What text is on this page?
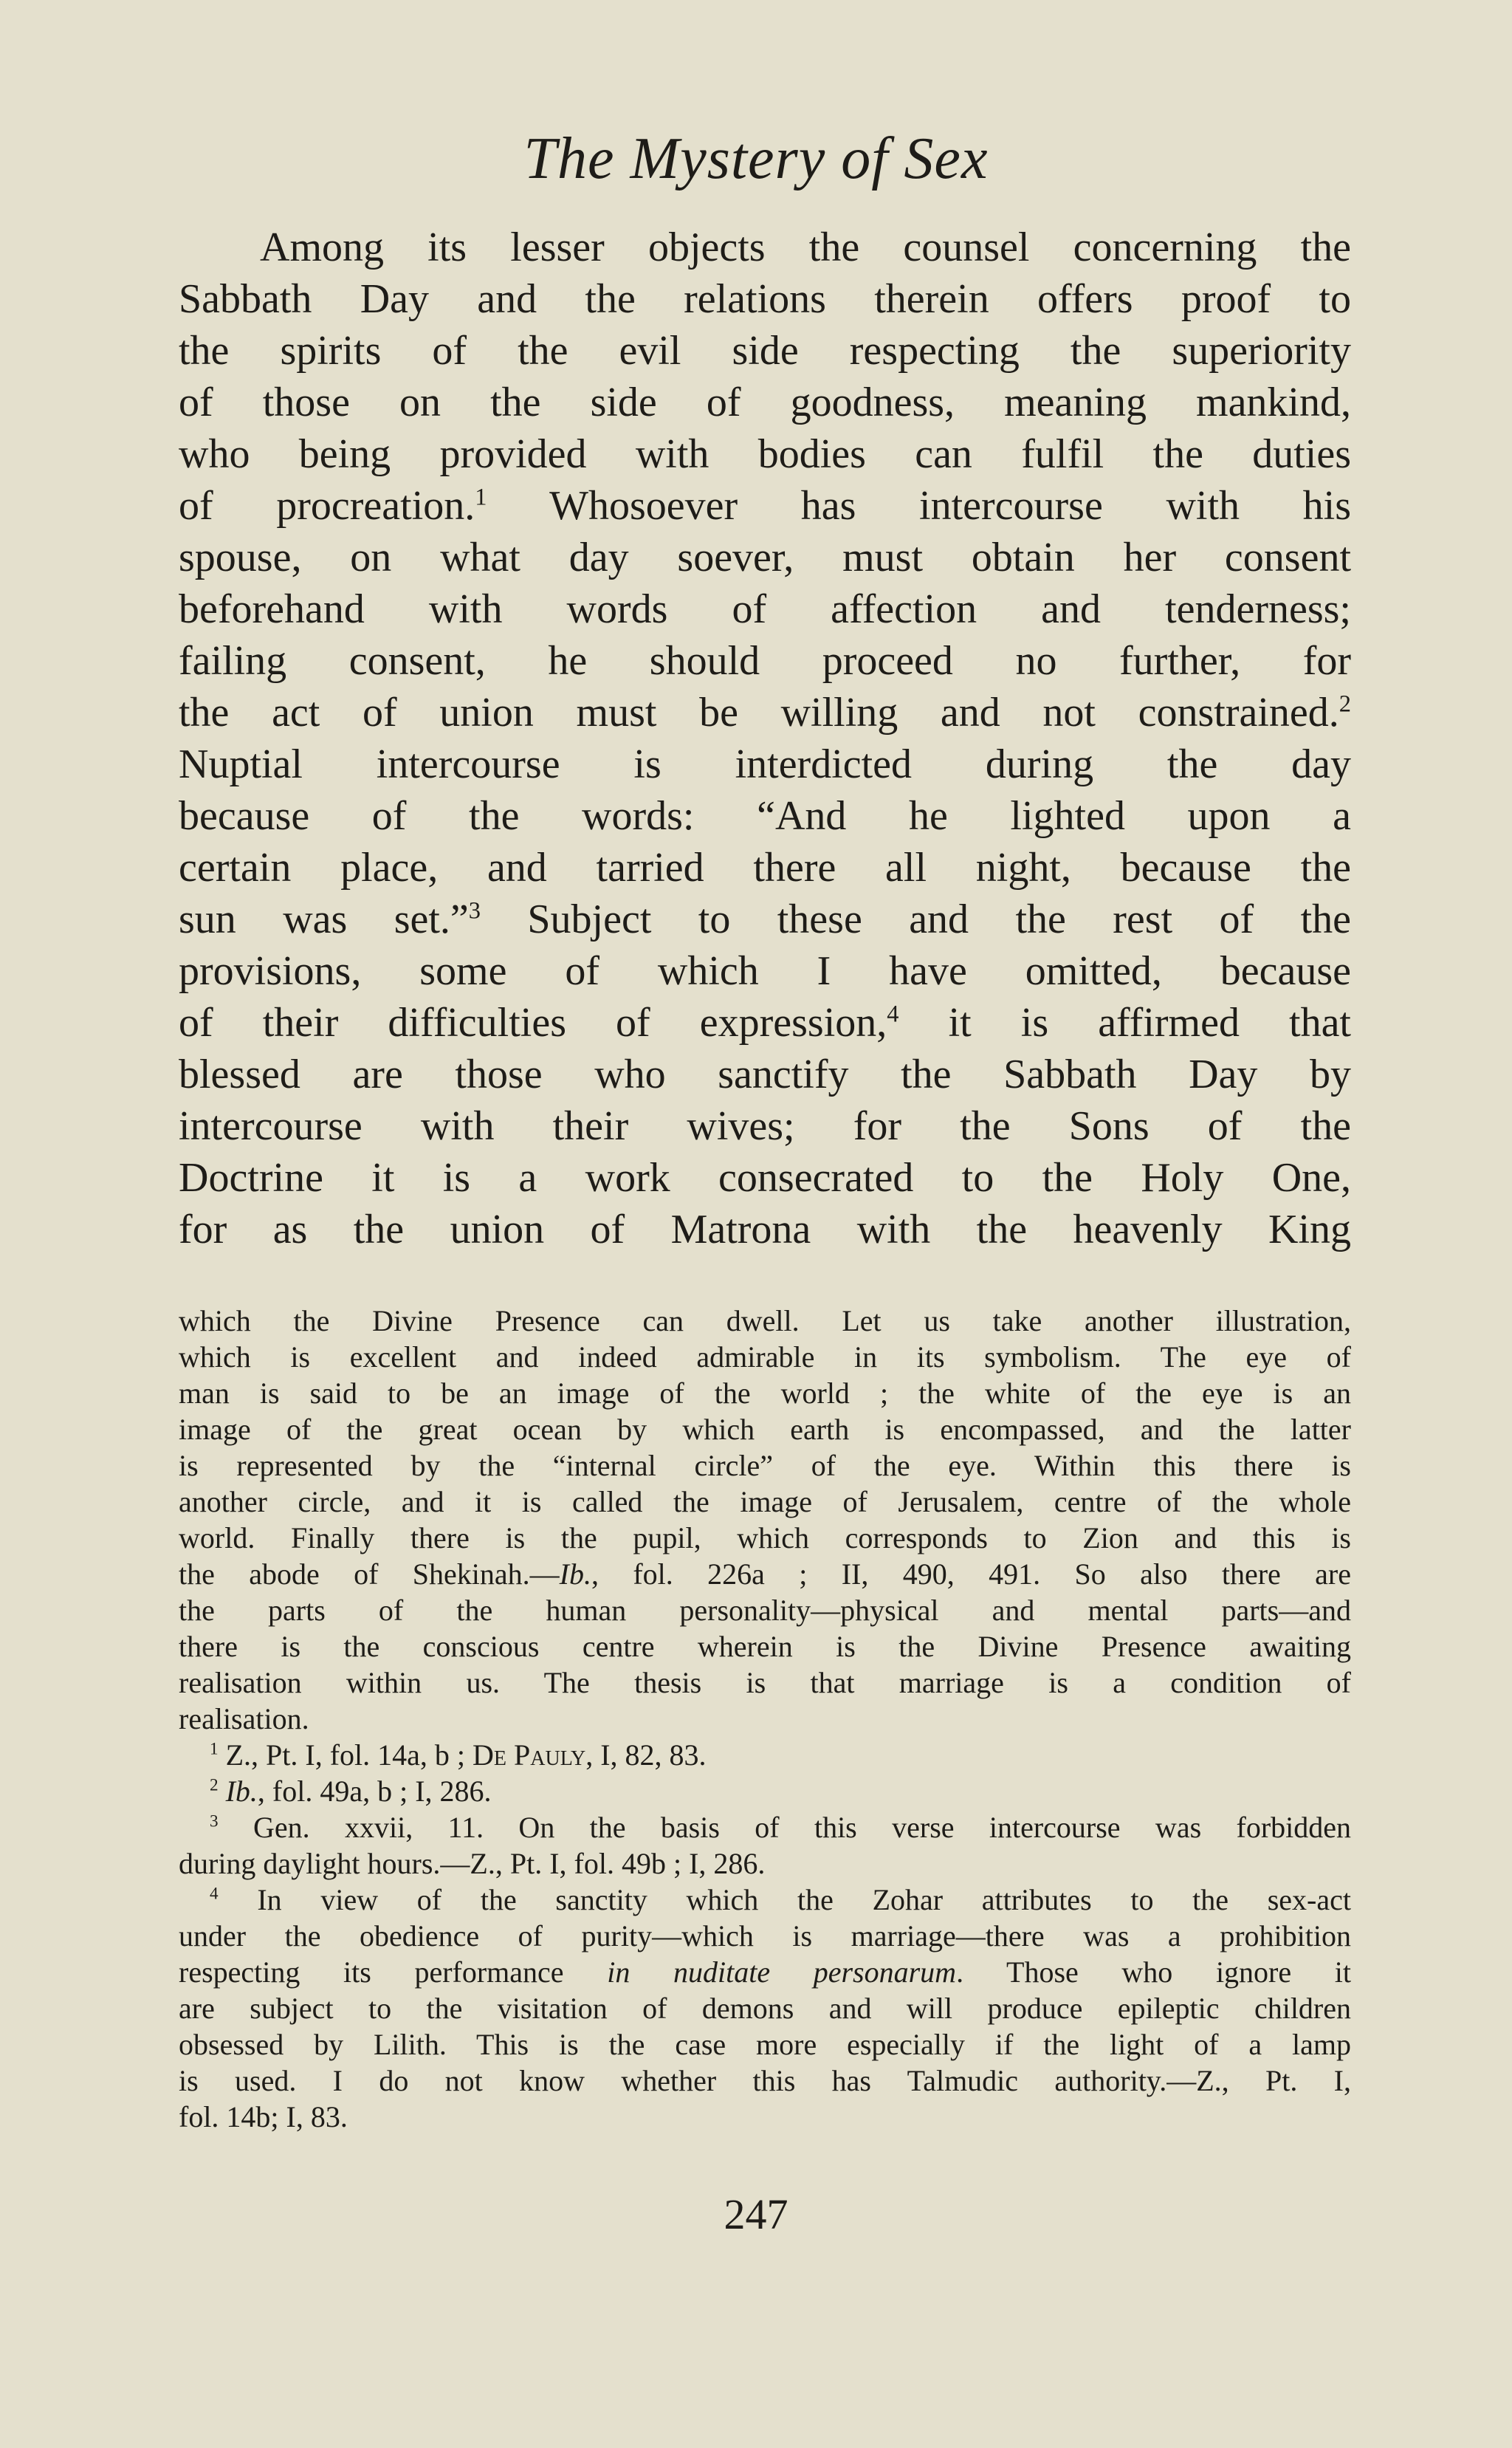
The Mystery of Sex
Among its lesser objects the counsel concerning the
Sabbath Day and the relations therein offers proof to
the spirits of the evil side respecting the superiority
of those on the side of goodness, meaning mankind,
who being provided with bodies can fulfil the duties
of procreation.$^1$ Whosoever has intercourse with his
spouse, on what day soever, must obtain her consent
beforehand with words of affection and tenderness;
failing consent, he should proceed no further, for
the act of union must be willing and not constrained.$^2$
Nuptial intercourse is interdicted during the day
because of the words: “And he lighted upon a
certain place, and tarried there all night, because the
sun was set.”$^3$ Subject to these and the rest of the
provisions, some of which I have omitted, because
of their difficulties of expression,$^4$ it is affirmed that
blessed are those who sanctify the Sabbath Day by
intercourse with their wives; for the Sons of the
Doctrine it is a work consecrated to the Holy One,
for as the union of Matrona with the heavenly King
which the Divine Presence can dwell. Let us take another illustration,
which is excellent and indeed admirable in its symbolism. The eye of
man is said to be an image of the world ; the white of the eye is an
image of the great ocean by which earth is encompassed, and the latter
is represented by the “internal circle” of the eye. Within this there is
another circle, and it is called the image of Jerusalem, centre of the whole
world. Finally there is the pupil, which corresponds to Zion and this is
the abode of Shekinah.—Ib., fol. 226a ; II, 490, 491. So also there are
the parts of the human personality—physical and mental parts—and
there is the conscious centre wherein is the Divine Presence awaiting
realisation within us. The thesis is that marriage is a condition of
realisation.
$^1$ Z., Pt. I, fol. 14a, b ; De Pauly, I, 82, 83.
$^2$ Ib., fol. 49a, b ; I, 286.
$^3$ Gen. xxvii, 11. On the basis of this verse intercourse was forbidden
during daylight hours.—Z., Pt. I, fol. 49b ; I, 286.
$^4$ In view of the sanctity which the Zohar attributes to the sex-act
under the obedience of purity—which is marriage—there was a prohibition
respecting its performance in nuditate personarum. Those who ignore it
are subject to the visitation of demons and will produce epileptic children
obsessed by Lilith. This is the case more especially if the light of a lamp
is used. I do not know whether this has Talmudic authority.—Z., Pt. I,
fol. 14b; I, 83.
247
